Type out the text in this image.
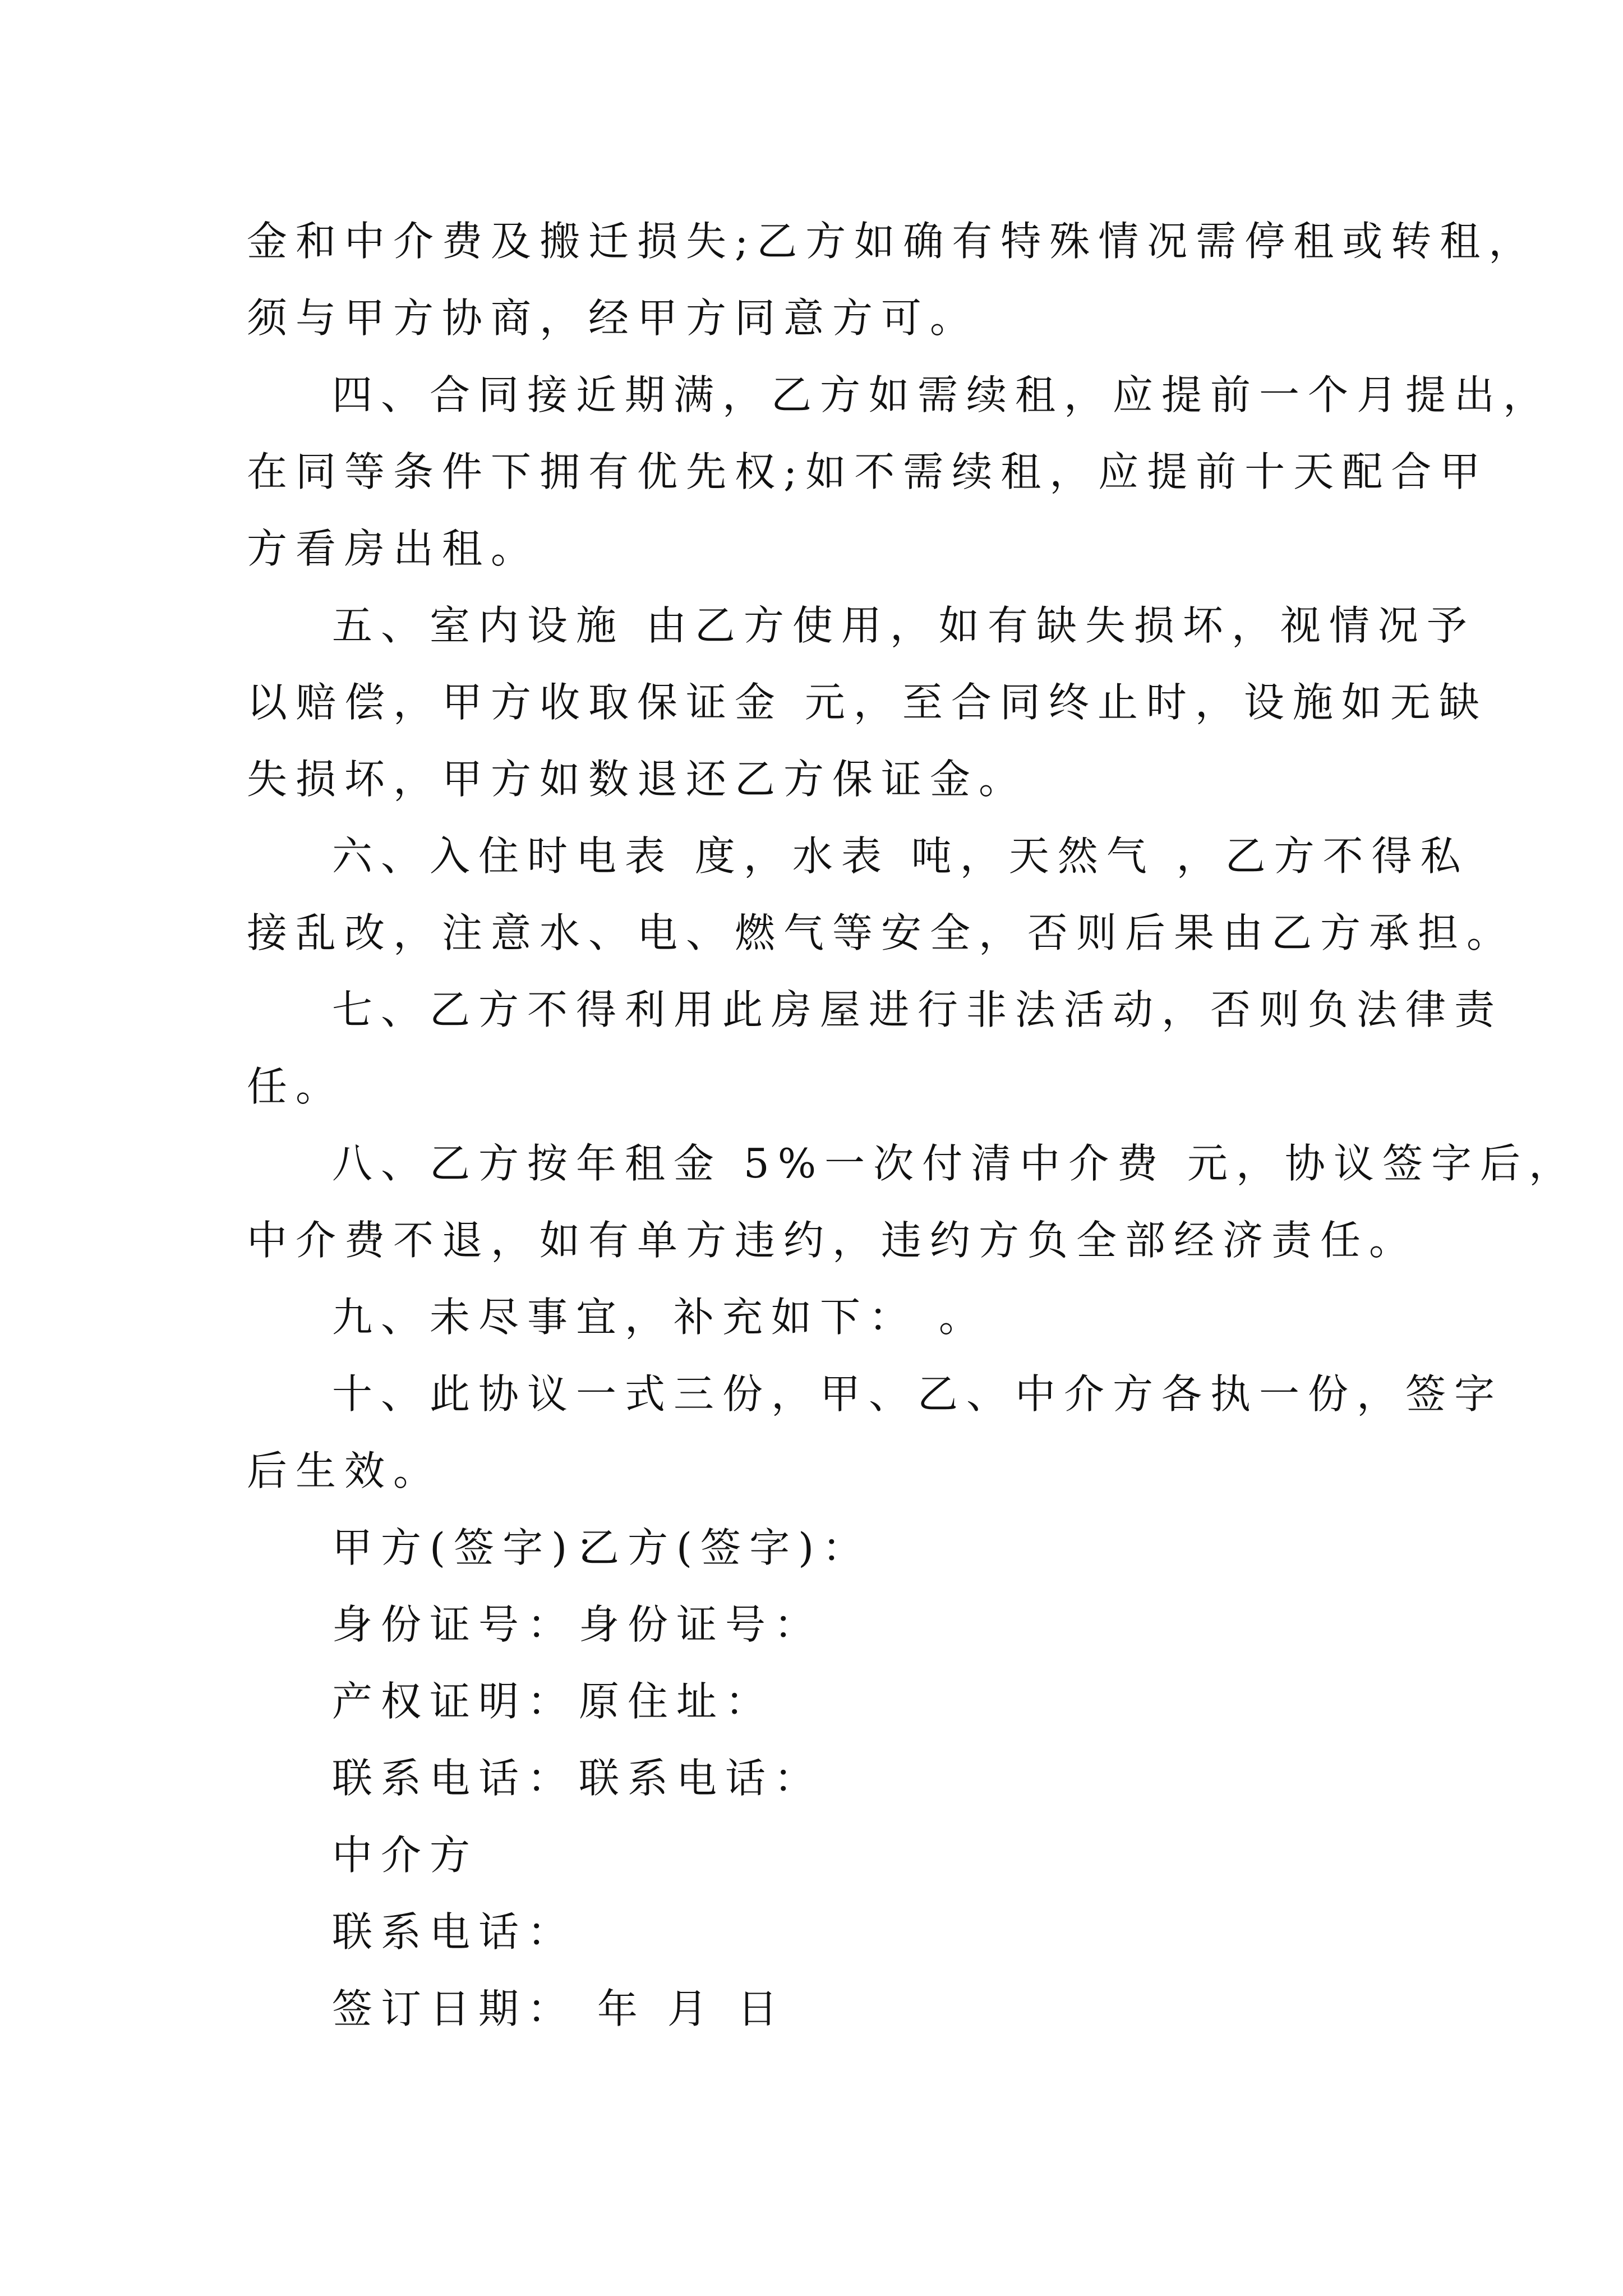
金和中介费及搬迁损失;乙方如确有特殊情况需停租或转租，
须与甲方协商，经甲方同意方可。
四、合同接近期满，乙方如需续租，应提前一个月提出，
在同等条件下拥有优先权;如不需续租，应提前十天配合甲
方看房出租。
五、室内设施 由乙方使用，如有缺失损坏，视情况予
以赔偿，甲方收取保证金 元，至合同终止时，设施如无缺
失损坏，甲方如数退还乙方保证金。
六、入住时电表 度，水表 吨，天然气 ，乙方不得私
接乱改，注意水、电、燃气等安全，否则后果由乙方承担。
七、乙方不得利用此房屋进行非法活动，否则负法律责
任。
八、乙方按年租金 5%一次付清中介费 元，协议签字后，
中介费不退，如有单方违约，违约方负全部经济责任。
九、未尽事宜，补充如下： 。
十、此协议一式三份，甲、乙、中介方各执一份，签字
后生效。
甲方(签字)：乙方(签字)：
身份证号：身份证号：
产权证明：原住址：
联系电话：联系电话：
中介方
联系电话：
签订日期： 年 月 日
